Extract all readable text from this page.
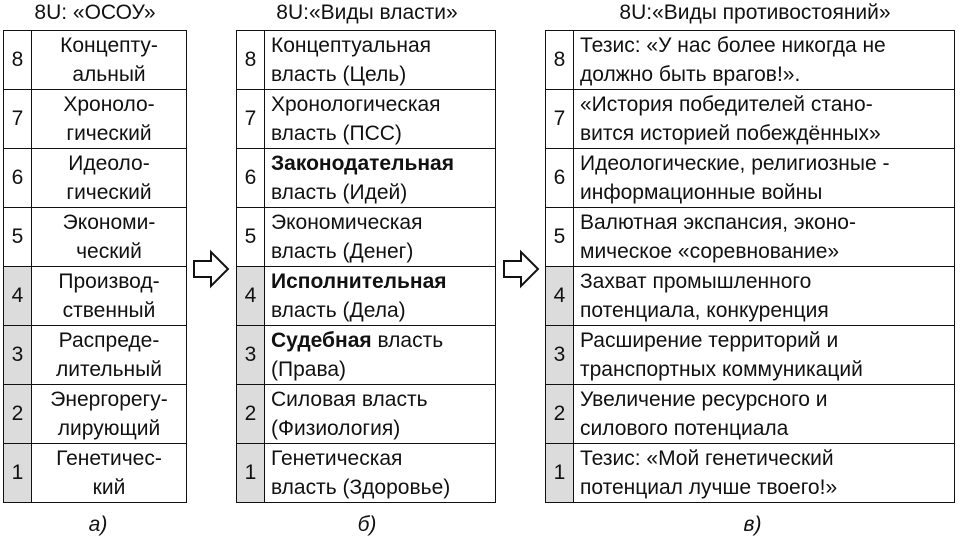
8U: «ОСОУ»	8U:«Виды власти»	8U:«Виды противостояний»
8	Концепту-
альный
7	Хроноло-
гический
6	Идеоло-
гический
5	Экономи-
ческий
4	Производ-
ственный
3	Распреде-
лительный
2	Энергорегу-
лирующий
1	Генетичес-
кий
8	Концептуальная
власть (Цель)
7	Хронологическая
власть (ПСС)
6	Законодательная
власть (Идей)
5	Экономическая
власть (Денег)
4	Исполнительная
власть (Дела)
3	Судебная власть
(Права)
2	Силовая власть
(Физиология)
1	Генетическая
власть (Здоровье)
8	Тезис: «У нас более никогда не
должно быть врагов!».
7	«История победителей стано-
вится историей побеждённых»
6	Идеологические, религиозные -
информационные войны
5	Валютная экспансия, эконо-
мическое «соревнование»
4	Захват промышленного
потенциала, конкуренция
3	Расширение территорий и
транспортных коммуникаций
2	Увеличение ресурсного и
силового потенциала
1	Тезис: «Мой генетический
потенциал лучше твоего!»
а)	б)	в)
